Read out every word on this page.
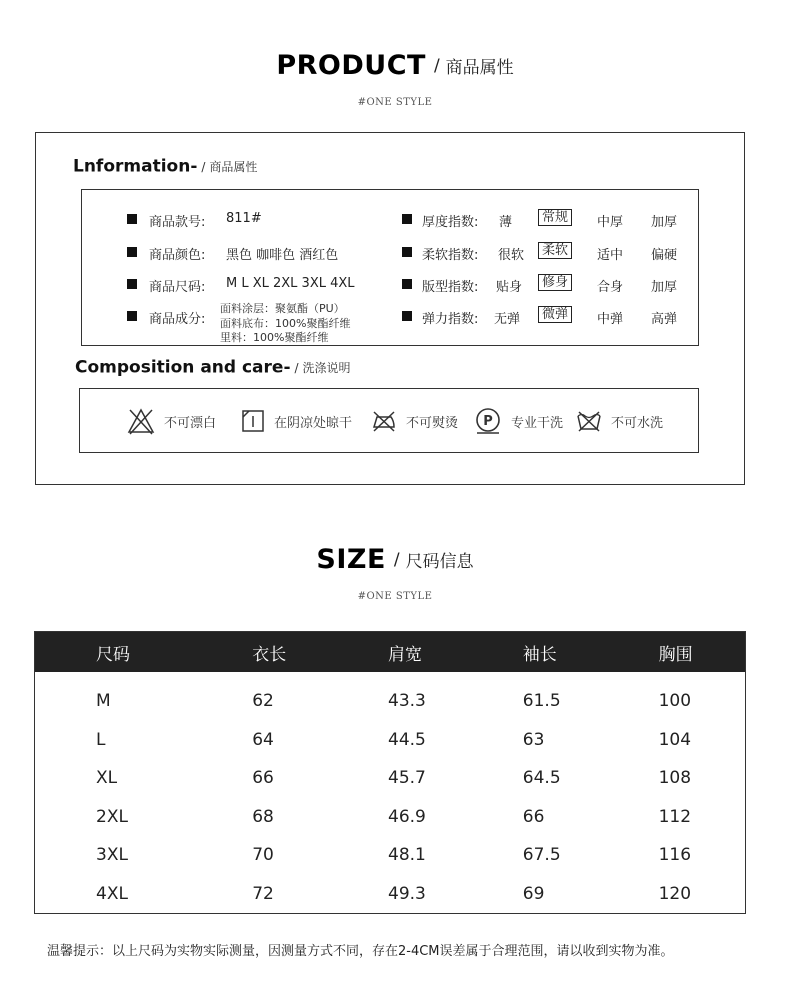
PRODUCT / 商品属性
#ONE STYLE
Lnformation- / 商品属性
商品款号: 811#
商品颜色: 黑色 咖啡色 酒红色
商品尺码: M L XL 2XL 3XL 4XL
商品成分:
面料涂层：聚氨酯（PU）
面料底布：100%聚酯纤维
里料：100%聚酯纤维
厚度指数: 薄	常规	中厚 加厚
柔软指数: 很软	柔软	适中 偏硬
版型指数: 贴身	修身	合身 加厚
弹力指数: 无弹	微弹	中弹 高弹
Composition and care- / 洗涤说明
不可漂白	在阴凉处晾干	不可熨烫 P 专业干洗	不可水洗
SIZE / 尺码信息
#ONE STYLE
尺码	衣长	肩宽	袖长	胸围
M	62	43.3	61.5	100
L	64	44.5	63	104
XL	66	45.7	64.5	108
2XL	68	46.9	66	112
3XL	70	48.1	67.5	116
4XL	72	49.3	69	120
温馨提示：以上尺码为实物实际测量，因测量方式不同，存在2-4CM误差属于合理范围，请以收到实物为准。
